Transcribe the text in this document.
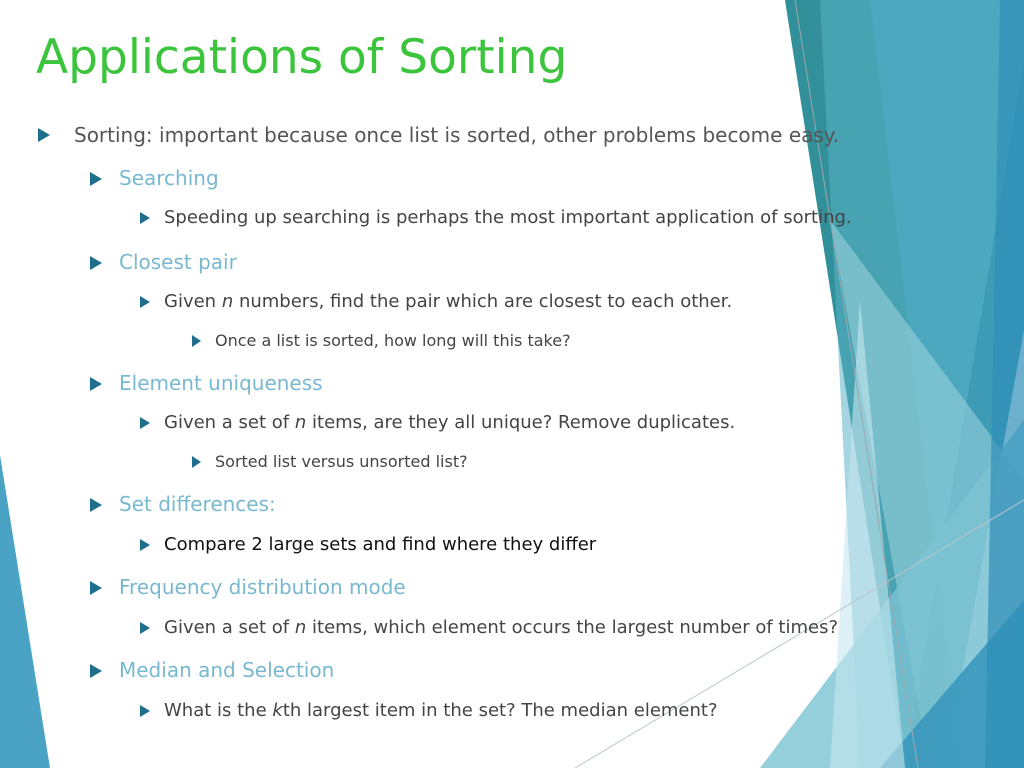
Applications of Sorting
Sorting: important because once list is sorted, other problems become easy.
Searching
Speeding up searching is perhaps the most important application of sorting.
Closest pair
Given n numbers, find the pair which are closest to each other.
Once a list is sorted, how long will this take?
Element uniqueness
Given a set of n items, are they all unique? Remove duplicates.
Sorted list versus unsorted list?
Set differences:
Compare 2 large sets and find where they differ
Frequency distribution mode
Given a set of n items, which element occurs the largest number of times?
Median and Selection
What is the kth largest item in the set? The median element?
